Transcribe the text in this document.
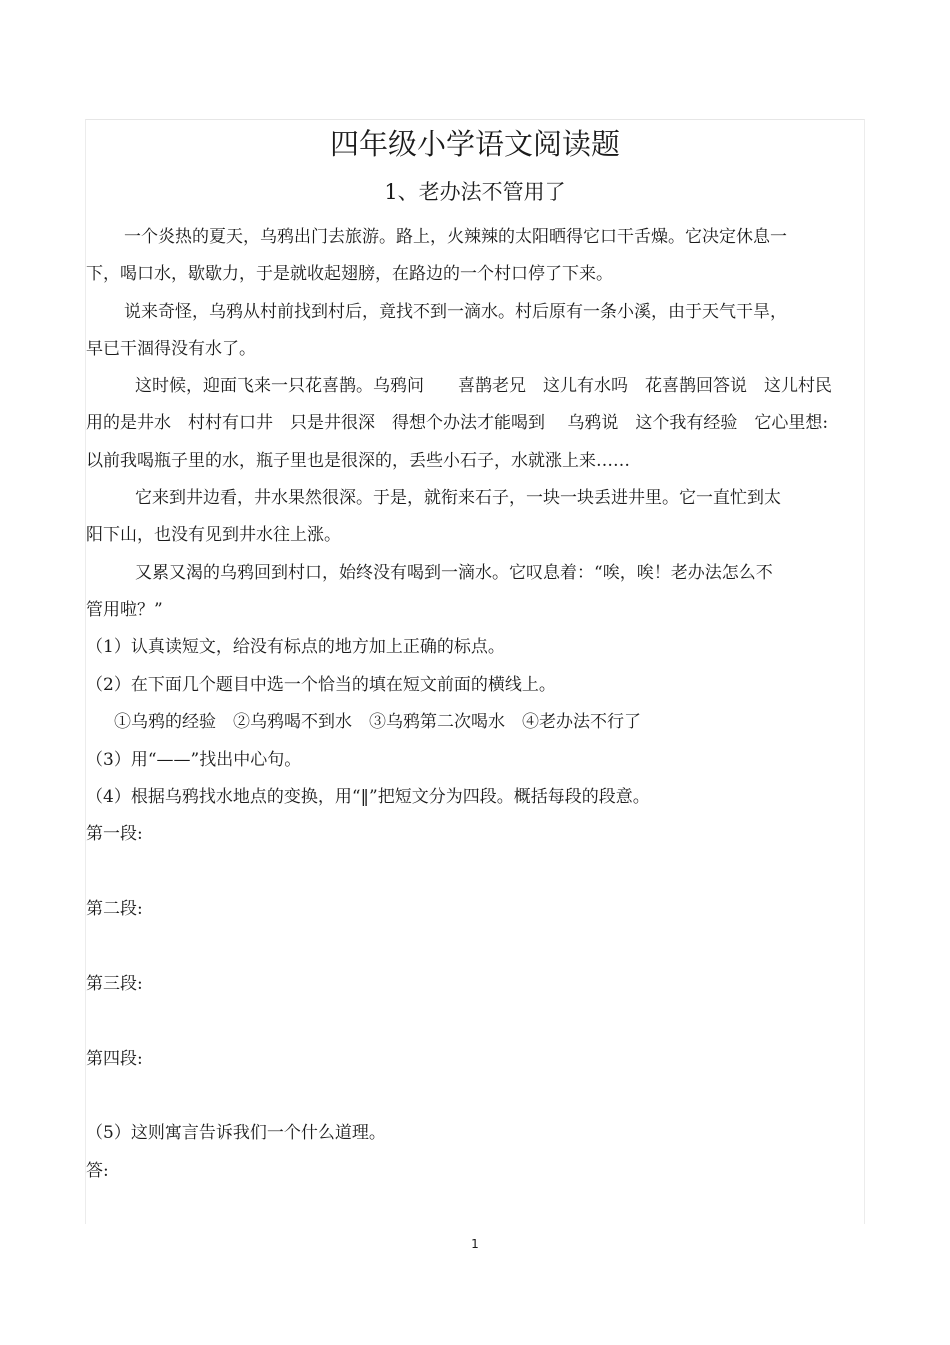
四年级小学语文阅读题
1、老办法不管用了
一个炎热的夏天，乌鸦出门去旅游。路上，火辣辣的太阳晒得它口干舌燥。它决定休息一
下，喝口水，歇歇力，于是就收起翅膀，在路边的一个村口停了下来。
说来奇怪，乌鸦从村前找到村后，竟找不到一滴水。村后原有一条小溪，由于天气干旱，
早已干涸得没有水了。
这时候，迎面飞来一只花喜鹊。乌鸦问　　喜鹊老兄　这儿有水吗　花喜鹊回答说　这儿村民
用的是井水　村村有口井　只是井很深　得想个办法才能喝到　 乌鸦说　这个我有经验　它心里想:
以前我喝瓶子里的水，瓶子里也是很深的，丢些小石子，水就涨上来……
它来到井边看，井水果然很深。于是，就衔来石子，一块一块丢进井里。它一直忙到太
阳下山，也没有见到井水往上涨。
又累又渴的乌鸦回到村口，始终没有喝到一滴水。它叹息着：“唉，唉！老办法怎么不
管用啦？”
（1）认真读短文，给没有标点的地方加上正确的标点。
（2）在下面几个题目中选一个恰当的填在短文前面的横线上。
①乌鸦的经验　②乌鸦喝不到水　③乌鸦第二次喝水　④老办法不行了
（3）用“——”找出中心句。
（4）根据乌鸦找水地点的变换，用“‖”把短文分为四段。概括每段的段意。
第一段:
第二段:
第三段:
第四段:
（5）这则寓言告诉我们一个什么道理。
答:
1
